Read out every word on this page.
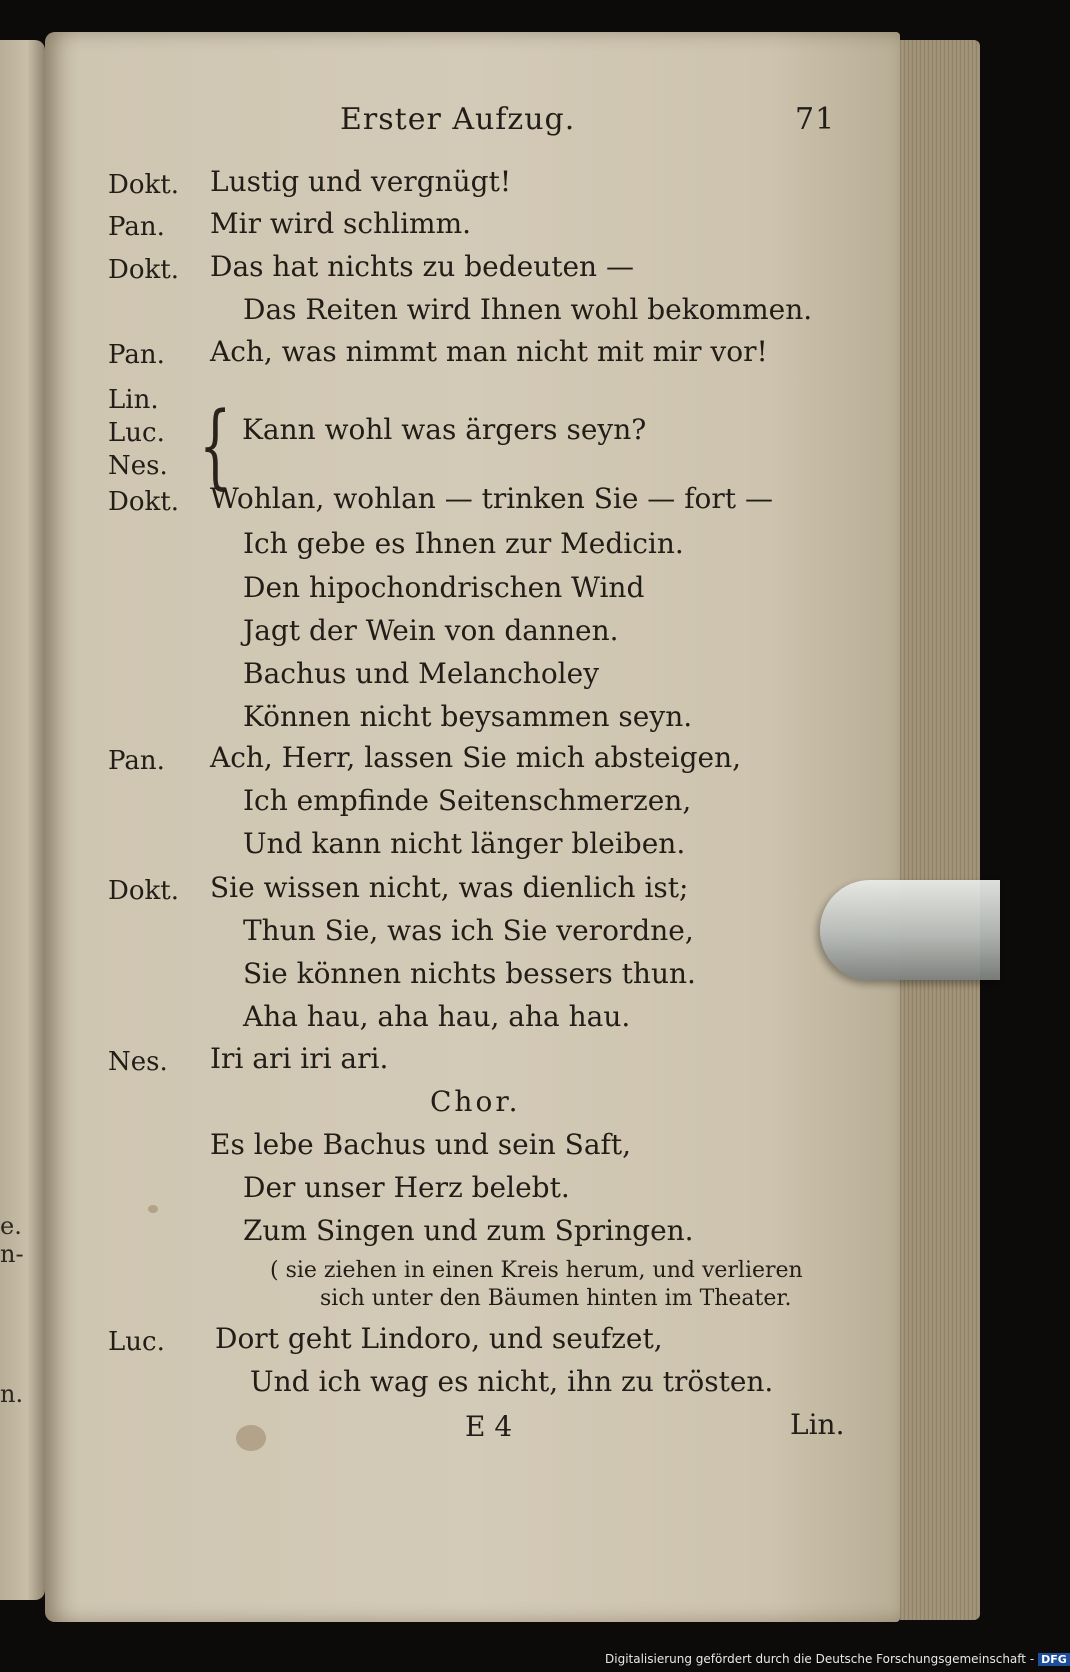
e.
n-
n.
Erster Aufzug.	71
Dokt. Lustig und vergnügt!
Pan. Mir wird schlimm.
Dokt. Das hat nichts zu bedeuten —
Das Reiten wird Ihnen wohl bekommen.
Pan. Ach, was nimmt man nicht mit mir vor!
Lin.
Luc. { Kann wohl was ärgers seyn?
Nes.
Dokt. Wohlan, wohlan — trinken Sie — fort —
Ich gebe es Ihnen zur Medicin.
Den hipochondrischen Wind
Jagt der Wein von dannen.
Bachus und Melancholey
Können nicht beysammen seyn.
Pan. Ach, Herr, lassen Sie mich absteigen,
Ich empfinde Seitenschmerzen,
Und kann nicht länger bleiben.
Dokt. Sie wissen nicht, was dienlich ist;
Thun Sie, was ich Sie verordne,
Sie können nichts bessers thun.
Aha hau, aha hau, aha hau.
Nes. Iri ari iri ari.
Chor.
Es lebe Bachus und sein Saft,
Der unser Herz belebt.
Zum Singen und zum Springen.
( sie ziehen in einen Kreis herum, und verlieren
sich unter den Bäumen hinten im Theater.
Luc. Dort geht Lindoro, und seufzet,
Und ich wag es nicht, ihn zu trösten.
E 4	Lin.
Digitalisierung gefördert durch die Deutsche Forschungsgemeinschaft - DFG
